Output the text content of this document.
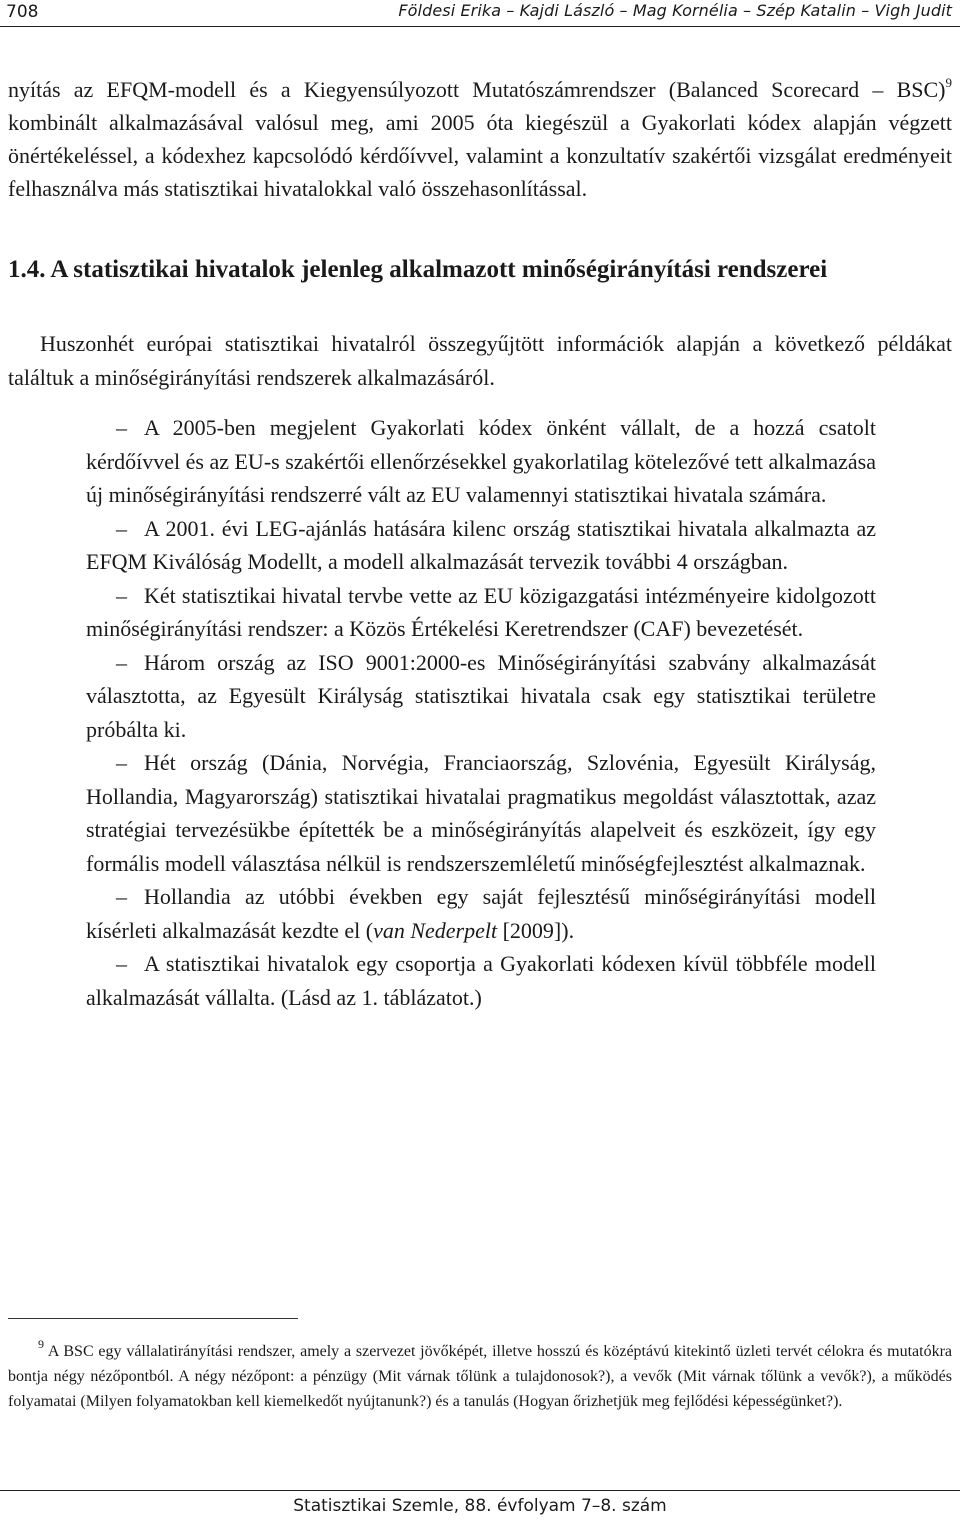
708	Földesi Erika – Kajdi László – Mag Kornélia – Szép Katalin – Vigh Judit

nyítás az EFQM-modell és a Kiegyensúlyozott Mutatószámrendszer (Balanced Scorecard – BSC)$^9$ kombinált alkalmazásával valósul meg, ami 2005 óta kiegészül a Gyakorlati kódex alapján végzett önértékeléssel, a kódexhez kapcsolódó kérdőívvel, valamint a konzultatív szakértői vizsgálat eredményeit felhasználva más statisztikai hivatalokkal való összehasonlítással.

1.4. A statisztikai hivatalok jelenleg alkalmazott minőségirányítási rendszerei

Huszonhét európai statisztikai hivatalról összegyűjtött információk alapján a következő példákat találtuk a minőségirányítási rendszerek alkalmazásáról.

– A 2005-ben megjelent Gyakorlati kódex önként vállalt, de a hozzá csatolt kérdőívvel és az EU-s szakértői ellenőrzésekkel gyakorlatilag kötelezővé tett alkalmazása új minőségirányítási rendszerré vált az EU valamennyi statisztikai hivatala számára.
– A 2001. évi LEG-ajánlás hatására kilenc ország statisztikai hivatala alkalmazta az EFQM Kiválóság Modellt, a modell alkalmazását tervezik további 4 országban.
– Két statisztikai hivatal tervbe vette az EU közigazgatási intézményeire kidolgozott minőségirányítási rendszer: a Közös Értékelési Keretrendszer (CAF) bevezetését.
– Három ország az ISO 9001:2000-es Minőségirányítási szabvány alkalmazását választotta, az Egyesült Királyság statisztikai hivatala csak egy statisztikai területre próbálta ki.
– Hét ország (Dánia, Norvégia, Franciaország, Szlovénia, Egyesült Királyság, Hollandia, Magyarország) statisztikai hivatalai pragmatikus megoldást választottak, azaz stratégiai tervezésükbe építették be a minőségirányítás alapelveit és eszközeit, így egy formális modell választása nélkül is rendszerszemléletű minőségfejlesztést alkalmaznak.
– Hollandia az utóbbi években egy saját fejlesztésű minőségirányítási modell kísérleti alkalmazását kezdte el (van Nederpelt [2009]).
– A statisztikai hivatalok egy csoportja a Gyakorlati kódexen kívül többféle modell alkalmazását vállalta. (Lásd az 1. táblázatot.)

$^9$ A BSC egy vállalatirányítási rendszer, amely a szervezet jövőképét, illetve hosszú és középtávú kitekintő üzleti tervét célokra és mutatókra bontja négy nézőpontból. A négy nézőpont: a pénzügy (Mit várnak tőlünk a tulajdonosok?), a vevők (Mit várnak tőlünk a vevők?), a működés folyamatai (Milyen folyamatokban kell kiemelkedőt nyújtanunk?) és a tanulás (Hogyan őrizhetjük meg fejlődési képességünket?).

Statisztikai Szemle, 88. évfolyam 7–8. szám
